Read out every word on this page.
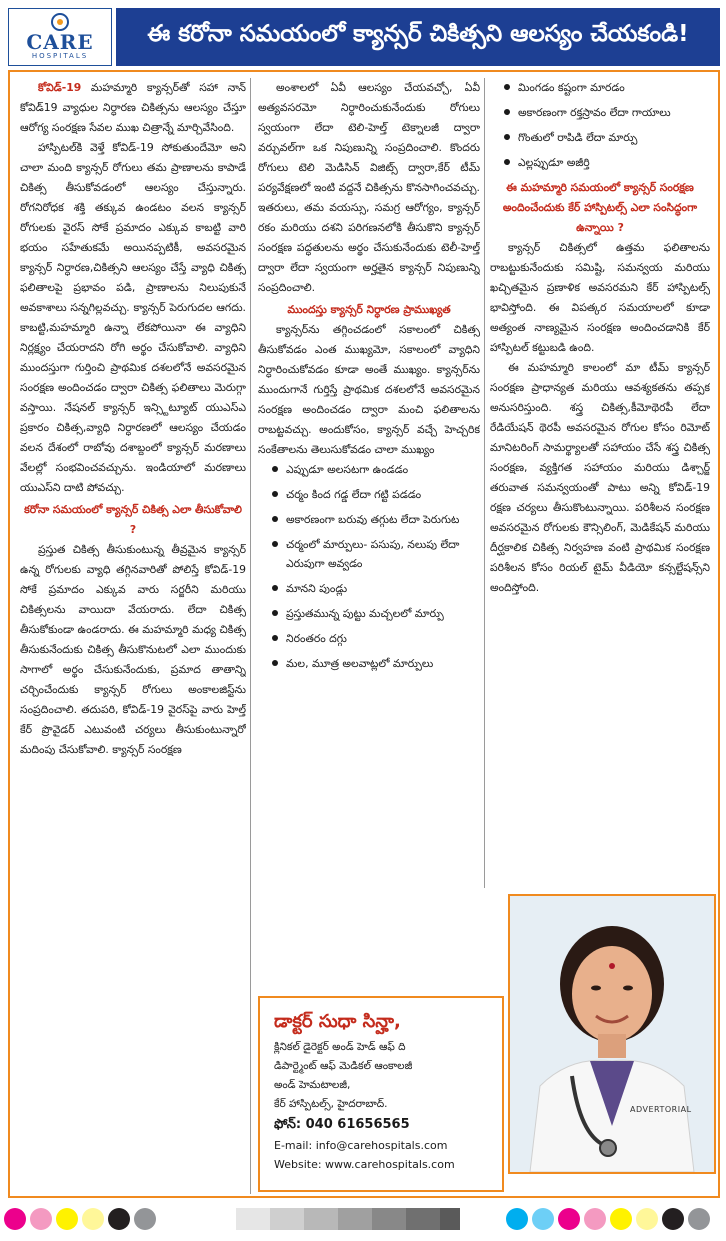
CARE
HOSPITALS
ఈ కరోనా సమయంలో క్యాన్సర్ చికిత్సని ఆలస్యం చేయకండి!

కోవిడ్-19 మహమ్మారి క్యాన్సర్‌తో సహా నాన్ కోవిడ్19 వ్యాధుల నిర్ధారణ చికిత్సను ఆలస్యం చేస్తూ ఆరోగ్య సంరక్షణ సేవల ముఖ చిత్రాన్నే మార్చివేసింది.

హాస్పిటల్‌కి వెళ్తే కోవిడ్-19 సోకుతుందేమో అని చాలా మంది క్యాన్సర్ రోగులు తమ ప్రాణాలను కాపాడే చికిత్స తీసుకోవడంలో ఆలస్యం చేస్తున్నారు. రోగనిరోధక శక్తి తక్కువ ఉండటం వలన క్యాన్సర్ రోగులకు వైరస్ సోకే ప్రమాదం ఎక్కువ కాబట్టి వారి భయం సహేతుకమే అయినప్పటికీ, అవసరమైన క్యాన్సర్ నిర్ధారణ,చికిత్సని ఆలస్యం చేస్తే వ్యాధి చికిత్స ఫలితాలపై ప్రభావం పడి, ప్రాణాలను నిలుపుకునే అవకాశాలు సన్నగిల్లవచ్చు. క్యాన్సర్ పెరుగుదల ఆగదు. కాబట్టి,మహమ్మారి ఉన్నా లేకపోయినా ఈ వ్యాధిని నిర్లక్ష్యం చేయరాదని రోగి అర్థం చేసుకోవాలి. వ్యాధిని ముందస్తుగా గుర్తించి ప్రాథమిక దశలలోనే అవసరమైన సంరక్షణ అందించడం ద్వారా చికిత్స ఫలితాలు మెరుగ్గా వస్తాయి. నేషనల్ క్యాన్సర్ ఇన్స్టిట్యూట్ యుఎస్ఎ ప్రకారం చికిత్స,వ్యాధి నిర్ధారణలో ఆలస్యం చేయడం వలన దేశంలో రాబోవు దశాబ్దంలో క్యాన్సర్ మరణాలు వేలల్లో సంభవించవచ్చును. ఇండియాలో మరణాలు యుఎస్‌ని దాటి పోవచ్చు.

కరోనా సమయంలో క్యాన్సర్ చికిత్స ఎలా తీసుకోవాలి ?

ప్రస్తుత చికిత్స తీసుకుంటున్న తీవ్రమైన క్యాన్సర్ ఉన్న రోగులకు వ్యాధి తగ్గినవారితో పోలిస్తే కోవిడ్-19 సోకే ప్రమాదం ఎక్కువ వారు సర్జరీని మరియు చికిత్సలను వాయిదా వేయరాదు. లేదా చికిత్స తీసుకోకుండా ఉండరాదు. ఈ మహమ్మారి మధ్య చికిత్స తీసుకునేందుకు చికిత్స తీసుకొనుటలో ఎలా ముందుకు సాగాలో అర్థం చేసుకునేందుకు, ప్రమాద తాతాన్ని చర్చించేందుకు క్యాన్సర్ రోగులు అంకాలజిస్ట్‌ను సంప్రదించాలి. తదుపరి, కోవిడ్-19 వైరస్‌పై వారు హెల్త్ కేర్ ప్రొవైడర్ ఎటువంటి చర్యలు తీసుకుంటున్నారో మదింపు చేసుకోవాలి. క్యాన్సర్ సంరక్షణ

అంశాలలో ఏవీ ఆలస్యం చేయవచ్చో, ఏవీ అత్యవసరమో నిర్ధారించుకునేందుకు రోగులు స్వయంగా లేదా టెలి-హెల్త్ టెక్నాలజీ ద్వారా వర్చువల్‌గా ఒక నిపుణున్ని సంప్రదించాలి. కొందరు రోగులు టెలి మెడిసిన్ విజిట్స్ ద్వారా,కేర్ టీమ్ పర్యవేక్షణలో ఇంటి వద్దనే చికిత్సను కొనసాగించవచ్చు. ఇతరులు, తమ వయస్సు, సమగ్ర ఆరోగ్యం, క్యాన్సర్ రకం మరియు దశని పరిగణనలోకి తీసుకొని క్యాన్సర్ సంరక్షణ పద్ధతులను అర్థం చేసుకునేందుకు టెలీ-హెల్త్ ద్వారా లేదా స్వయంగా అర్హతైన క్యాన్సర్ నిపుణున్ని సంప్రదించాలి.

ముందస్తు క్యాన్సర్ నిర్ధారణ ప్రాముఖ్యత

క్యాన్సర్‌ను తగ్గించడంలో సకాలంలో చికిత్స తీసుకోవడం ఎంత ముఖ్యమో, సకాలంలో వ్యాధిని నిర్ధారించుకోవడం కూడా అంతే ముఖ్యం. క్యాన్సర్‌ను ముందుగానే గుర్తిస్తే ప్రాథమిక దశలలోనే అవసరమైన సంరక్షణ అందించడం ద్వారా మంచి ఫలితాలను రాబట్టవచ్చు. అందుకోసం, క్యాన్సర్ వచ్చే హెచ్చరిక సంకేతాలను తెలుసుకోవడం చాలా ముఖ్యం

ఎప్పుడూ అలసటగా ఉండడం
చర్మం కింద గడ్డ లేదా గట్టి పడడం
అకారణంగా బరువు తగ్గుట లేదా పెరుగుట
చర్మంలో మార్పులు- పసుపు, నలుపు లేదా ఎరుపుగా అవ్వడం
మానని పుండ్లు
ప్రస్తుతమున్న పుట్టు మచ్చలలో మార్పు
నిరంతరం దగ్గు
మల, మూత్ర అలవాట్లలో మార్పులు
మింగడం కష్టంగా మారడం
అకారణంగా రక్తస్రావం లేదా గాయాలు
గొంతులో రాపిడి లేదా మార్పు
ఎల్లప్పుడూ అజీర్తి

ఈ మహమ్మారి సమయంలో క్యాన్సర్ సంరక్షణ అందించేందుకు కేర్ హాస్పిటల్స్ ఎలా సంసిద్ధంగా ఉన్నాయి ?

క్యాన్సర్ చికిత్సలో ఉత్తమ ఫలితాలను రాబట్టుకునేందుకు సమిష్టి, సమన్వయ మరియు ఖచ్చితమైన ప్రణాళిక అవసరమని కేర్ హాస్పిటల్స్ భావిస్తోంది. ఈ విపత్కర సమయాలలో కూడా అత్యంత నాణ్యమైన సంరక్షణ అందించడానికి కేర్ హాస్పిటల్ కట్టుబడి ఉంది.

ఈ మహమ్మారి కాలంలో మా టీమ్ క్యాన్సర్ సంరక్షణ ప్రాధాన్యత మరియు ఆవశ్యకతను తప్పక అనుసరిస్తుంది. శస్త్ర చికిత్స,కీమోథెరపీ లేదా రేడియేషన్ థెరపీ అవసరమైన రోగుల కోసం రిమోట్ మానిటరింగ్ సామర్థ్యాలతో సహాయం చేసే శస్త్ర చికిత్స సంరక్షణ, వ్యక్తిగత సహాయం మరియు డిశ్చార్జ్ తరువాత సమన్వయంతో పాటు అన్ని కోవిడ్-19 రక్షణ చర్యలు తీసుకొంటున్నాయి. పరిశీలన సంరక్షణ అవసరమైన రోగులకు కౌన్సిలింగ్, మెడికేషన్ మరియు దీర్ఘకాలిక చికిత్స నిర్వహణ వంటి ప్రాథమిక సంరక్షణ పరిశీలన కోసం రియల్ టైమ్ వీడియో కన్సల్టేషన్స్‌ని అందిస్తోంది.

డాక్టర్ సుధా సిన్హా,
క్లినికల్ డైరెక్టర్ అండ్ హెడ్ ఆఫ్ ది
డిపార్ట్మెంట్ ఆఫ్ మెడికల్ ఆంకాలజీ
అండ్ హెమటాలజీ,
కేర్ హాస్పిటల్స్, హైదరాబాద్.
ఫోన్: 040 61656565
E-mail: info@carehospitals.com
Website: www.carehospitals.com
ADVERTORIAL
